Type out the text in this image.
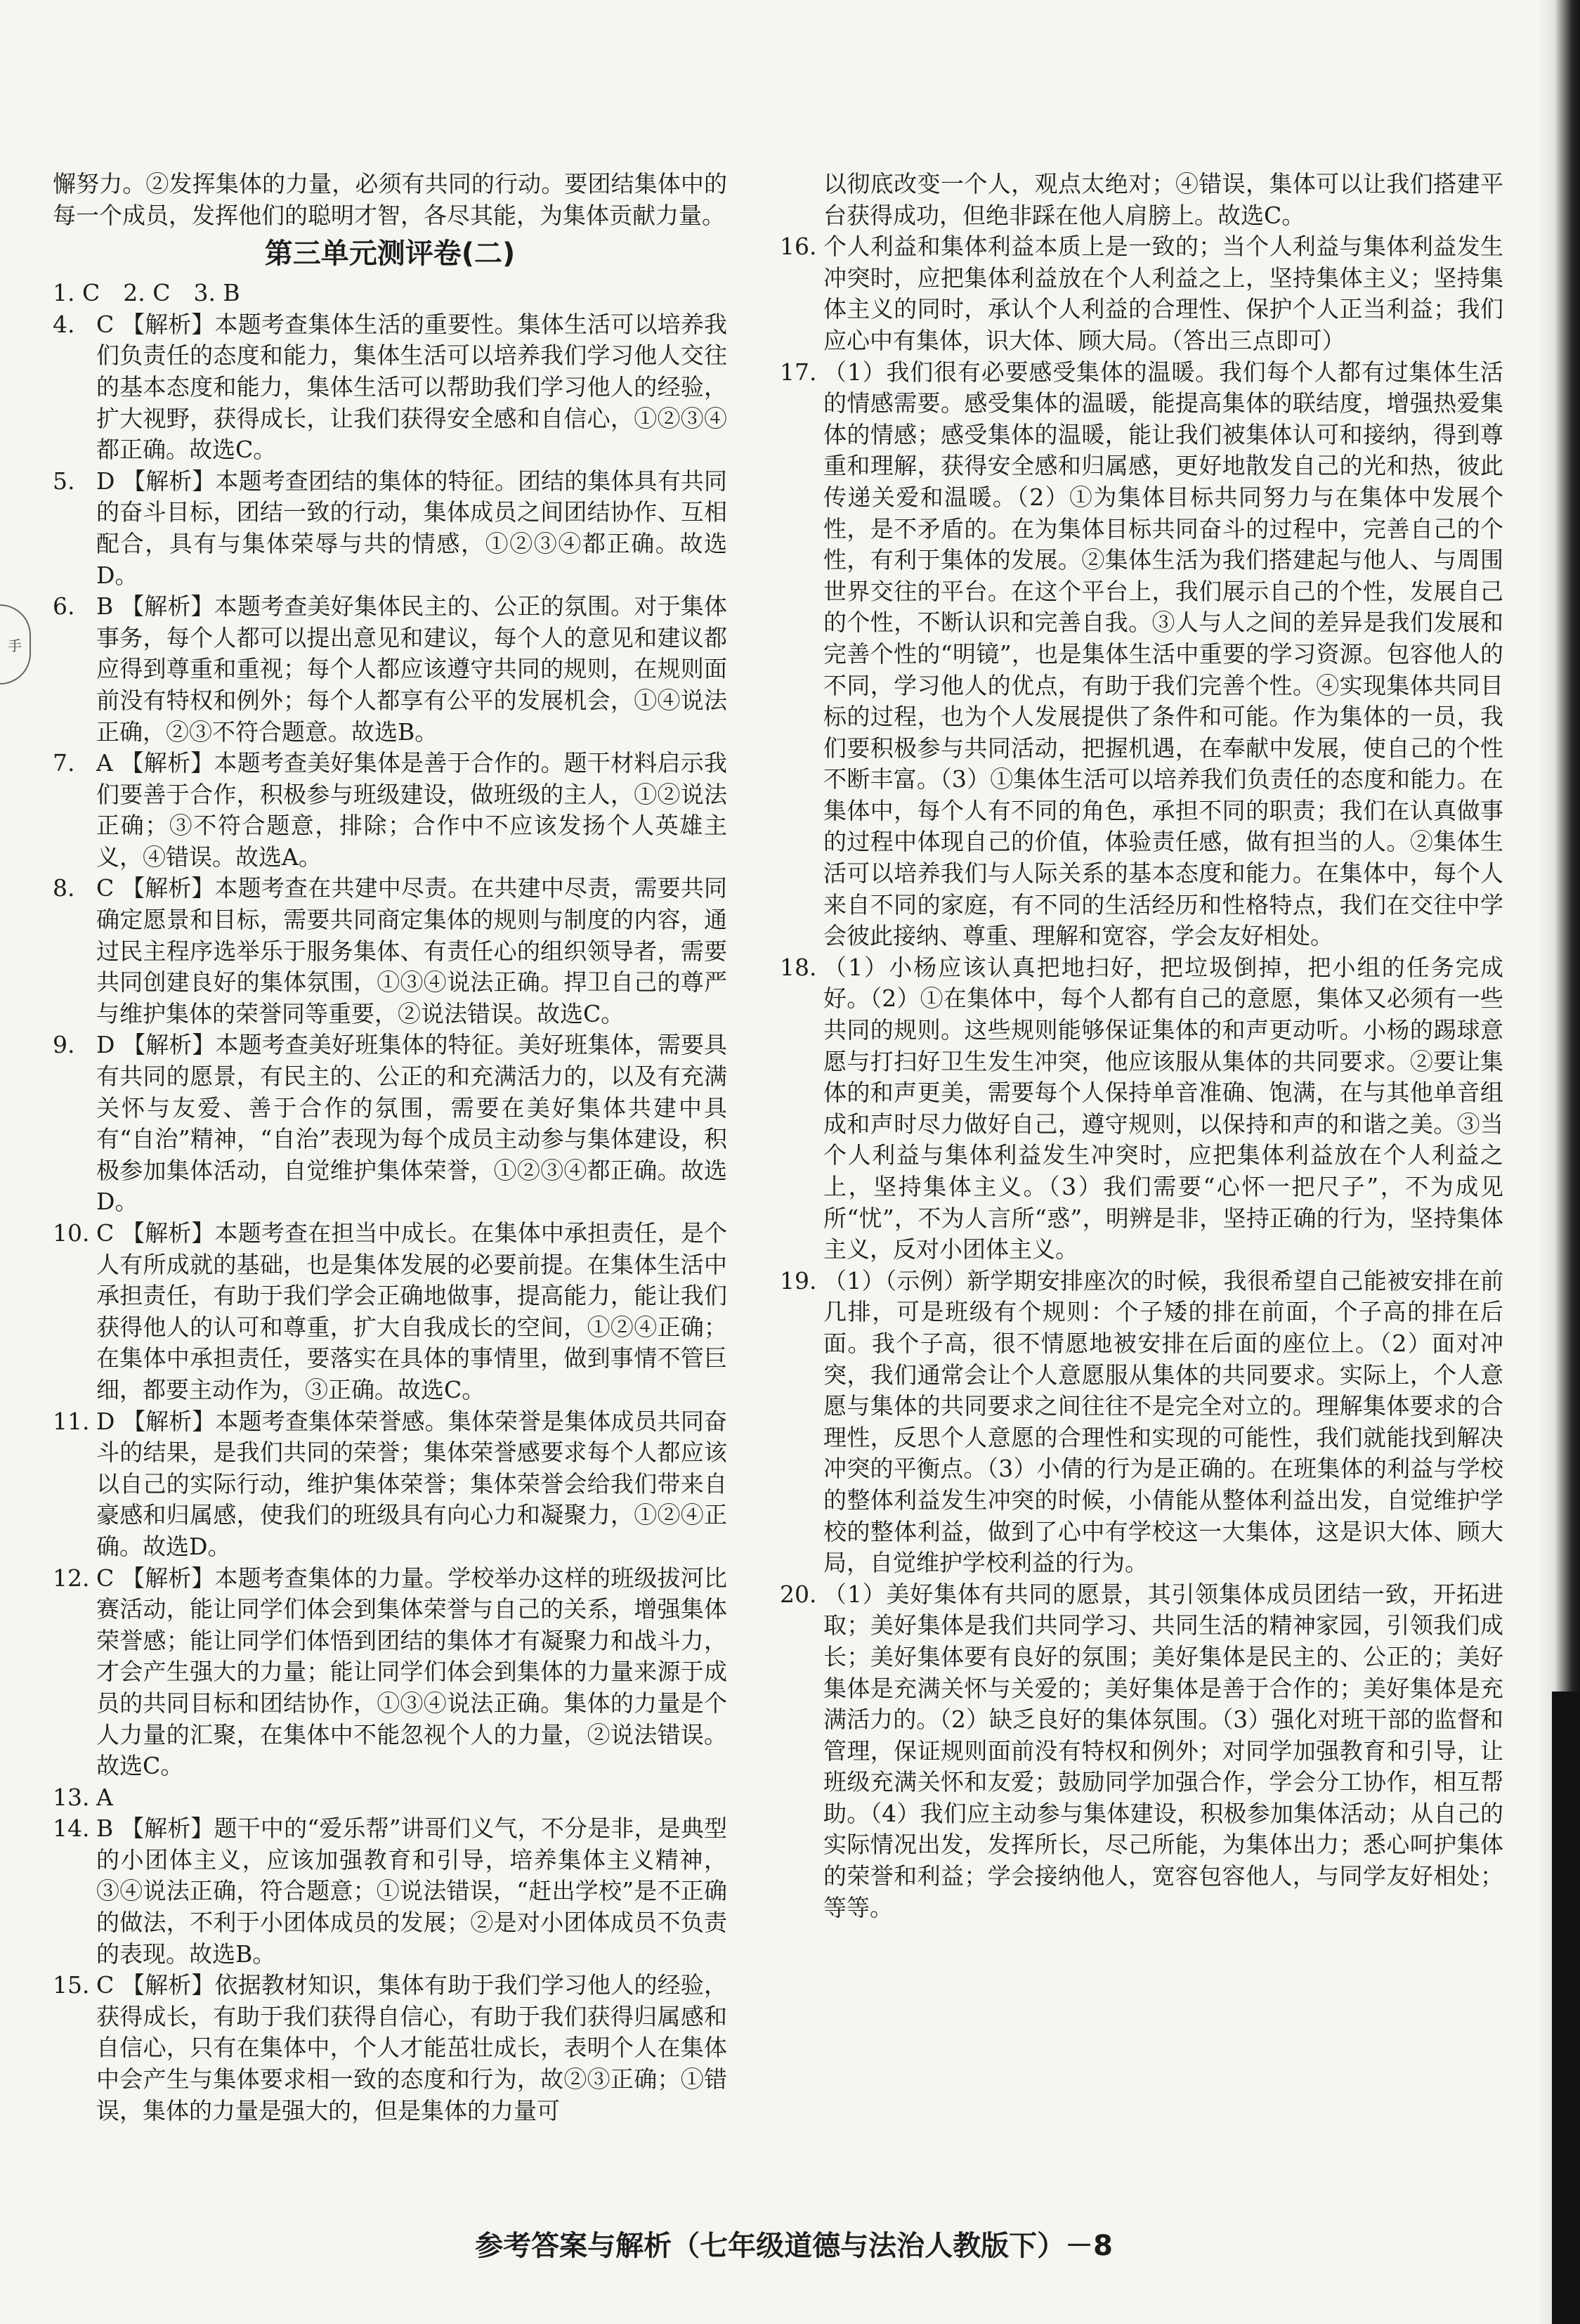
手

懈努力。②发挥集体的力量，必须有共同的行动。要团结集体中的每一个成员，发挥他们的聪明才智，各尽其能，为集体贡献力量。

第三单元测评卷(二)

1. C　2. C　3. B

4. C 【解析】本题考查集体生活的重要性。集体生活可以培养我们负责任的态度和能力，集体生活可以培养我们学习他人交往的基本态度和能力，集体生活可以帮助我们学习他人的经验，扩大视野，获得成长，让我们获得安全感和自信心，①②③④都正确。故选C。
5. D 【解析】本题考查团结的集体的特征。团结的集体具有共同的奋斗目标，团结一致的行动，集体成员之间团结协作、互相配合，具有与集体荣辱与共的情感，①②③④都正确。故选D。
6. B 【解析】本题考查美好集体民主的、公正的氛围。对于集体事务，每个人都可以提出意见和建议，每个人的意见和建议都应得到尊重和重视；每个人都应该遵守共同的规则，在规则面前没有特权和例外；每个人都享有公平的发展机会，①④说法正确，②③不符合题意。故选B。
7. A 【解析】本题考查美好集体是善于合作的。题干材料启示我们要善于合作，积极参与班级建设，做班级的主人，①②说法正确；③不符合题意，排除；合作中不应该发扬个人英雄主义，④错误。故选A。
8. C 【解析】本题考查在共建中尽责。在共建中尽责，需要共同确定愿景和目标，需要共同商定集体的规则与制度的内容，通过民主程序选举乐于服务集体、有责任心的组织领导者，需要共同创建良好的集体氛围，①③④说法正确。捍卫自己的尊严与维护集体的荣誉同等重要，②说法错误。故选C。
9. D 【解析】本题考查美好班集体的特征。美好班集体，需要具有共同的愿景，有民主的、公正的和充满活力的，以及有充满关怀与友爱、善于合作的氛围，需要在美好集体共建中具有“自治”精神，“自治”表现为每个成员主动参与集体建设，积极参加集体活动，自觉维护集体荣誉，①②③④都正确。故选D。
10. C 【解析】本题考查在担当中成长。在集体中承担责任，是个人有所成就的基础，也是集体发展的必要前提。在集体生活中承担责任，有助于我们学会正确地做事，提高能力，能让我们获得他人的认可和尊重，扩大自我成长的空间，①②④正确；在集体中承担责任，要落实在具体的事情里，做到事情不管巨细，都要主动作为，③正确。故选C。
11. D 【解析】本题考查集体荣誉感。集体荣誉是集体成员共同奋斗的结果，是我们共同的荣誉；集体荣誉感要求每个人都应该以自己的实际行动，维护集体荣誉；集体荣誉会给我们带来自豪感和归属感，使我们的班级具有向心力和凝聚力，①②④正确。故选D。
12. C 【解析】本题考查集体的力量。学校举办这样的班级拔河比赛活动，能让同学们体会到集体荣誉与自己的关系，增强集体荣誉感；能让同学们体悟到团结的集体才有凝聚力和战斗力，才会产生强大的力量；能让同学们体会到集体的力量来源于成员的共同目标和团结协作，①③④说法正确。集体的力量是个人力量的汇聚，在集体中不能忽视个人的力量，②说法错误。故选C。
13. A
14. B 【解析】题干中的“爱乐帮”讲哥们义气，不分是非，是典型的小团体主义，应该加强教育和引导，培养集体主义精神，③④说法正确，符合题意；①说法错误，“赶出学校”是不正确的做法，不利于小团体成员的发展；②是对小团体成员不负责的表现。故选B。
15. C 【解析】依据教材知识，集体有助于我们学习他人的经验，获得成长，有助于我们获得自信心，有助于我们获得归属感和自信心，只有在集体中，个人才能茁壮成长，表明个人在集体中会产生与集体要求相一致的态度和行为，故②③正确；①错误，集体的力量是强大的，但是集体的力量可

以彻底改变一个人，观点太绝对；④错误，集体可以让我们搭建平台获得成功，但绝非踩在他人肩膀上。故选C。

16. 个人利益和集体利益本质上是一致的；当个人利益与集体利益发生冲突时，应把集体利益放在个人利益之上，坚持集体主义；坚持集体主义的同时，承认个人利益的合理性、保护个人正当利益；我们应心中有集体，识大体、顾大局。（答出三点即可）
17. （1）我们很有必要感受集体的温暖。我们每个人都有过集体生活的情感需要。感受集体的温暖，能提高集体的联结度，增强热爱集体的情感；感受集体的温暖，能让我们被集体认可和接纳，得到尊重和理解，获得安全感和归属感，更好地散发自己的光和热，彼此传递关爱和温暖。（2）①为集体目标共同努力与在集体中发展个性，是不矛盾的。在为集体目标共同奋斗的过程中，完善自己的个性，有利于集体的发展。②集体生活为我们搭建起与他人、与周围世界交往的平台。在这个平台上，我们展示自己的个性，发展自己的个性，不断认识和完善自我。③人与人之间的差异是我们发展和完善个性的“明镜”，也是集体生活中重要的学习资源。包容他人的不同，学习他人的优点，有助于我们完善个性。④实现集体共同目标的过程，也为个人发展提供了条件和可能。作为集体的一员，我们要积极参与共同活动，把握机遇，在奉献中发展，使自己的个性不断丰富。（3）①集体生活可以培养我们负责任的态度和能力。在集体中，每个人有不同的角色，承担不同的职责；我们在认真做事的过程中体现自己的价值，体验责任感，做有担当的人。②集体生活可以培养我们与人际关系的基本态度和能力。在集体中，每个人来自不同的家庭，有不同的生活经历和性格特点，我们在交往中学会彼此接纳、尊重、理解和宽容，学会友好相处。
18. （1）小杨应该认真把地扫好，把垃圾倒掉，把小组的任务完成好。（2）①在集体中，每个人都有自己的意愿，集体又必须有一些共同的规则。这些规则能够保证集体的和声更动听。小杨的踢球意愿与打扫好卫生发生冲突，他应该服从集体的共同要求。②要让集体的和声更美，需要每个人保持单音准确、饱满，在与其他单音组成和声时尽力做好自己，遵守规则，以保持和声的和谐之美。③当个人利益与集体利益发生冲突时，应把集体利益放在个人利益之上，坚持集体主义。（3）我们需要“心怀一把尺子”，不为成见所“忧”，不为人言所“惑”，明辨是非，坚持正确的行为，坚持集体主义，反对小团体主义。
19. （1）（示例）新学期安排座次的时候，我很希望自己能被安排在前几排，可是班级有个规则：个子矮的排在前面，个子高的排在后面。我个子高，很不情愿地被安排在后面的座位上。（2）面对冲突，我们通常会让个人意愿服从集体的共同要求。实际上，个人意愿与集体的共同要求之间往往不是完全对立的。理解集体要求的合理性，反思个人意愿的合理性和实现的可能性，我们就能找到解决冲突的平衡点。（3）小倩的行为是正确的。在班集体的利益与学校的整体利益发生冲突的时候，小倩能从整体利益出发，自觉维护学校的整体利益，做到了心中有学校这一大集体，这是识大体、顾大局，自觉维护学校利益的行为。
20. （1）美好集体有共同的愿景，其引领集体成员团结一致，开拓进取；美好集体是我们共同学习、共同生活的精神家园，引领我们成长；美好集体要有良好的氛围；美好集体是民主的、公正的；美好集体是充满关怀与关爱的；美好集体是善于合作的；美好集体是充满活力的。（2）缺乏良好的集体氛围。（3）强化对班干部的监督和管理，保证规则面前没有特权和例外；对同学加强教育和引导，让班级充满关怀和友爱；鼓励同学加强合作，学会分工协作，相互帮助。（4）我们应主动参与集体建设，积极参加集体活动；从自己的实际情况出发，发挥所长，尽己所能，为集体出力；悉心呵护集体的荣誉和利益；学会接纳他人，宽容包容他人，与同学友好相处；等等。
参考答案与解析（七年级道德与法治人教版下）－8
